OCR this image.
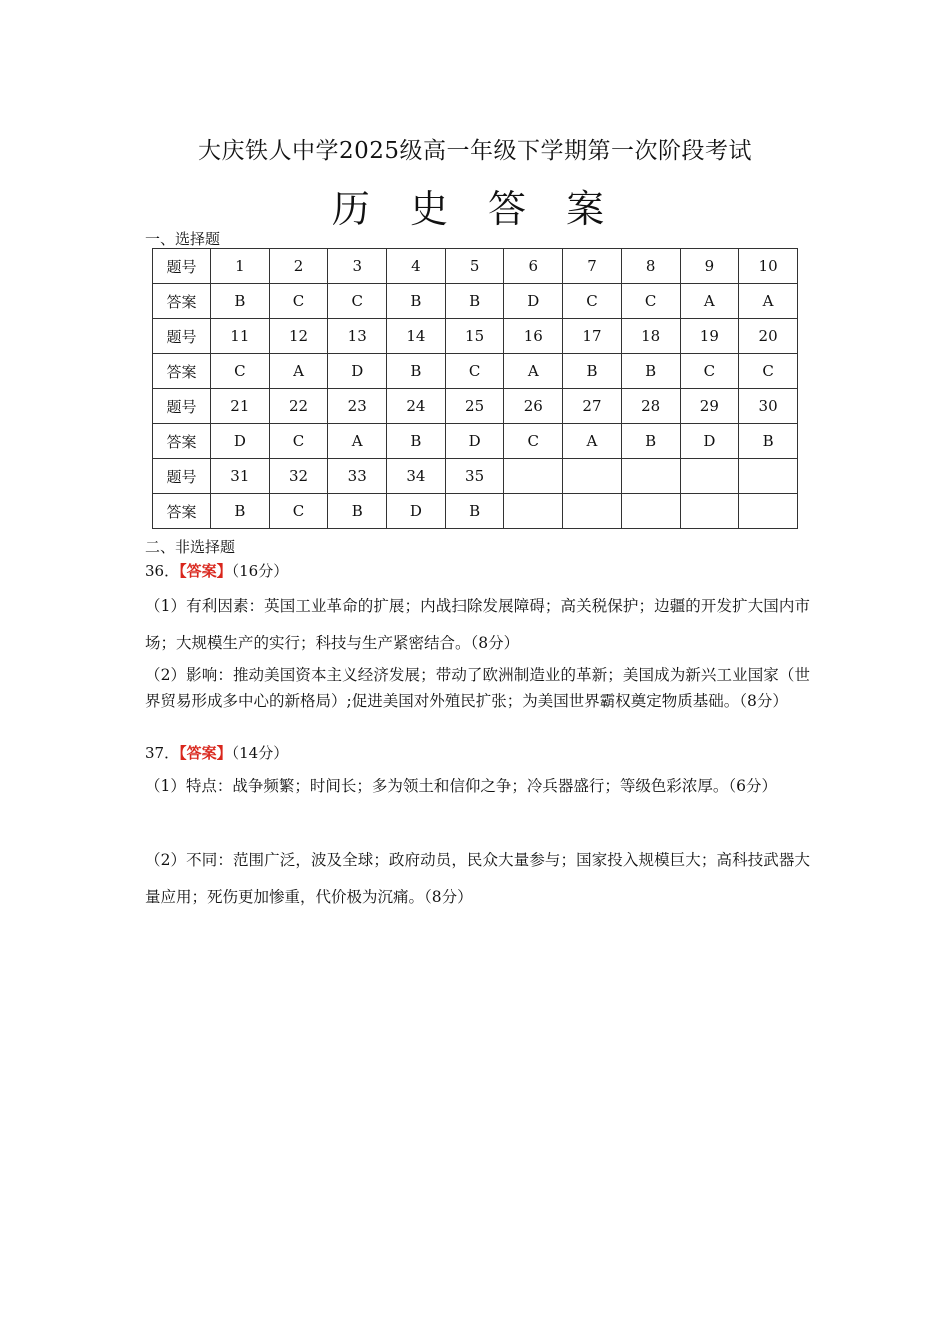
大庆铁人中学2025级高一年级下学期第一次阶段考试
历 史 答 案
一、选择题
题号	1	2	3	4	5	6	7	8	9	10
答案	B	C	C	B	B	D	C	C	A	A
题号	11	12	13	14	15	16	17	18	19	20
答案	C	A	D	B	C	A	B	B	C	C
题号	21	22	23	24	25	26	27	28	29	30
答案	D	C	A	B	D	C	A	B	D	B
题号	31	32	33	34	35					
答案	B	C	B	D	B					
二、非选择题
36．【答案】（16分）
（1）有利因素：英国工业革命的扩展；内战扫除发展障碍；高关税保护；边疆的开发扩大国内市场；大规模生产的实行；科技与生产紧密结合。（8分）
（2）影响：推动美国资本主义经济发展；带动了欧洲制造业的革新；美国成为新兴工业国家（世界贸易形成多中心的新格局）;促进美国对外殖民扩张；为美国世界霸权奠定物质基础。（8分）
37．【答案】（14分）
（1）特点：战争频繁；时间长；多为领土和信仰之争；冷兵器盛行；等级色彩浓厚。（6分）
（2）不同：范围广泛，波及全球；政府动员，民众大量参与；国家投入规模巨大；高科技武器大量应用；死伤更加惨重，代价极为沉痛。（8分）
